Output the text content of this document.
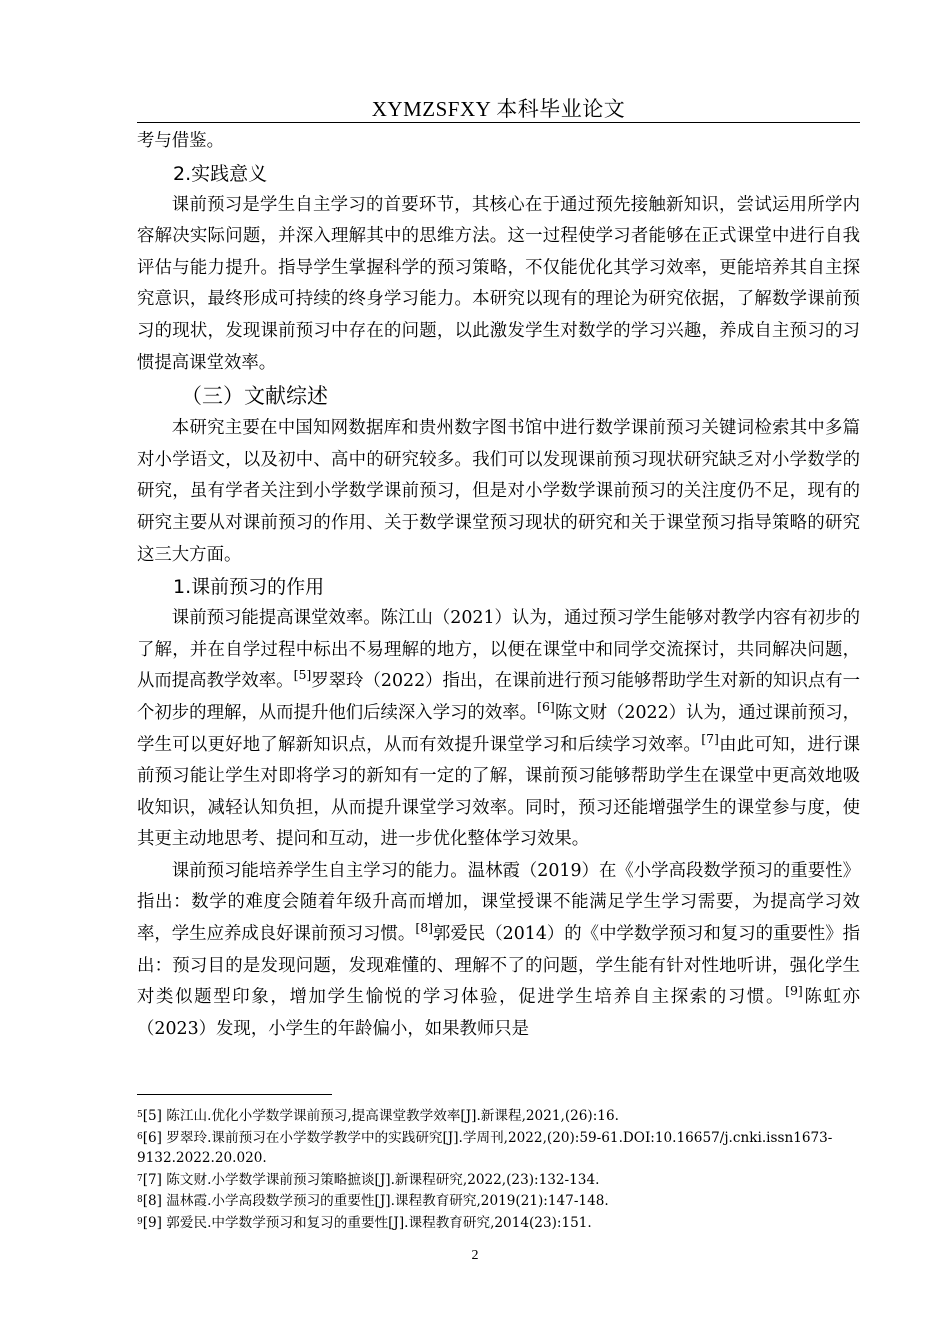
XYMZSFXY 本科毕业论文

考与借鉴。

2.实践意义

课前预习是学生自主学习的首要环节，其核心在于通过预先接触新知识，尝试运用所学内容解决实际问题，并深入理解其中的思维方法。这一过程使学习者能够在正式课堂中进行自我评估与能力提升。指导学生掌握科学的预习策略，不仅能优化其学习效率，更能培养其自主探究意识，最终形成可持续的终身学习能力。本研究以现有的理论为研究依据，了解数学课前预习的现状，发现课前预习中存在的问题，以此激发学生对数学的学习兴趣，养成自主预习的习惯提高课堂效率。

（三）文献综述

本研究主要在中国知网数据库和贵州数字图书馆中进行数学课前预习关键词检索其中多篇对小学语文，以及初中、高中的研究较多。我们可以发现课前预习现状研究缺乏对小学数学的研究，虽有学者关注到小学数学课前预习，但是对小学数学课前预习的关注度仍不足，现有的研究主要从对课前预习的作用、关于数学课堂预习现状的研究和关于课堂预习指导策略的研究这三大方面。

1.课前预习的作用

课前预习能提高课堂效率。陈江山（2021）认为，通过预习学生能够对教学内容有初步的了解，并在自学过程中标出不易理解的地方，以便在课堂中和同学交流探讨，共同解决问题，从而提高教学效率。[5]罗翠玲（2022）指出，在课前进行预习能够帮助学生对新的知识点有一个初步的理解，从而提升他们后续深入学习的效率。[6]陈文财（2022）认为，通过课前预习，学生可以更好地了解新知识点，从而有效提升课堂学习和后续学习效率。[7]由此可知，进行课前预习能让学生对即将学习的新知有一定的了解，课前预习能够帮助学生在课堂中更高效地吸收知识，减轻认知负担，从而提升课堂学习效率。同时，预习还能增强学生的课堂参与度，使其更主动地思考、提问和互动，进一步优化整体学习效果。

课前预习能培养学生自主学习的能力。温林霞（2019）在《小学高段数学预习的重要性》指出：数学的难度会随着年级升高而增加，课堂授课不能满足学生学习需要，为提高学习效率，学生应养成良好课前预习习惯。[8]郭爱民（2014）的《中学数学预习和复习的重要性》指出：预习目的是发现问题，发现难懂的、理解不了的问题，学生能有针对性地听讲，强化学生对类似题型印象，增加学生愉悦的学习体验，促进学生培养自主探索的习惯。[9]陈虹亦（2023）发现，小学生的年龄偏小，如果教师只是

$^5$[5] 陈江山.优化小学数学课前预习,提高课堂教学效率[J].新课程,2021,(26):16.

$^6$[6] 罗翠玲.课前预习在小学数学教学中的实践研究[J].学周刊,2022,(20):59-61.DOI:10.16657/j.cnki.issn1673-9132.2022.20.020.

$^7$[7] 陈文财.小学数学课前预习策略摭谈[J].新课程研究,2022,(23):132-134.

$^8$[8] 温林霞.小学高段数学预习的重要性[J].课程教育研究,2019(21):147-148.

$^9$[9] 郭爱民.中学数学预习和复习的重要性[J].课程教育研究,2014(23):151.

2
